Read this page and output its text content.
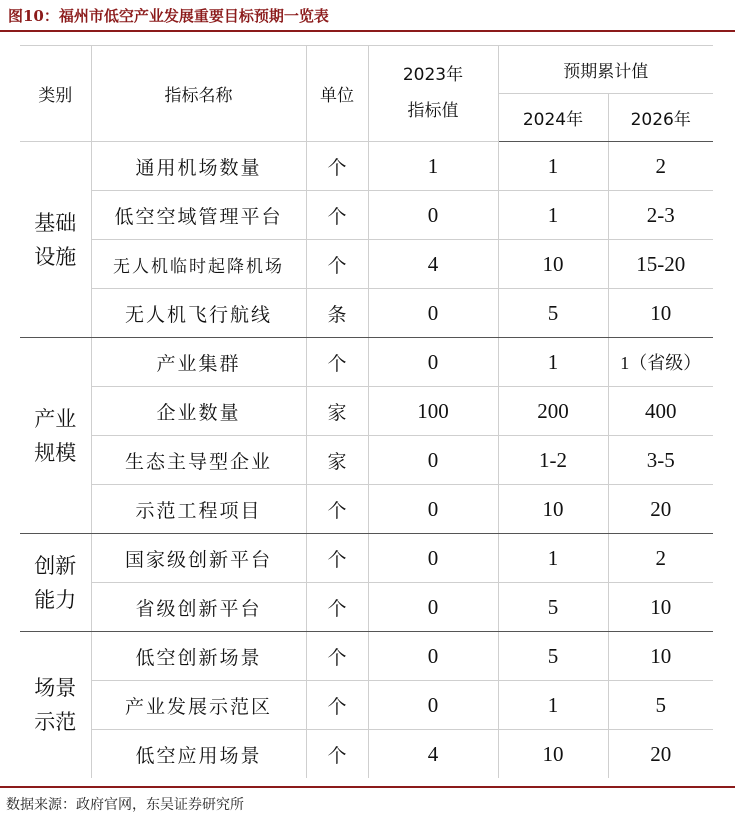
图10：福州市低空产业发展重要目标预期一览表
类别	指标名称	单位	2023年
指标值	预期累计值	
				2024年	2026年
基础
设施	通用机场数量	个	1	1	2
	低空空域管理平台	个	0	1	2-3
	无人机临时起降机场	个	4	10	15-20
	无人机飞行航线	条	0	5	10
产业
规模	产业集群	个	0	1	1（省级）
	企业数量	家	100	200	400
	生态主导型企业	家	0	1-2	3-5
	示范工程项目	个	0	10	20
创新
能力	国家级创新平台	个	0	1	2
	省级创新平台	个	0	5	10
场景
示范	低空创新场景	个	0	5	10
	产业发展示范区	个	0	1	5
	低空应用场景	个	4	10	20
数据来源：政府官网，东吴证券研究所
